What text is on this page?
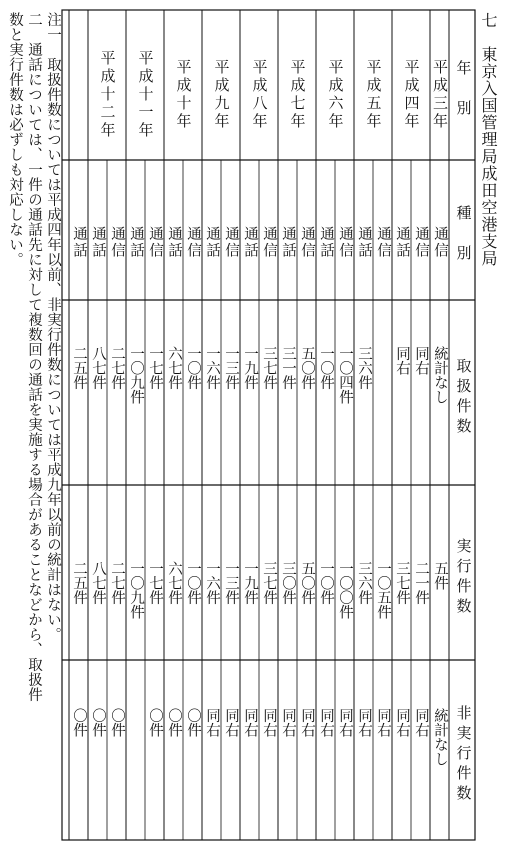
年　別
種　別
取扱件数
実行件数
非実行件数
平成三年
通信
統計なし
五件
統計なし
平成四年
通信
同右
二一件
同右
通話
同右
三七件
同右
平成五年
通信
一〇五件
同右
通話
三六件
三六件
同右
平成六年
通信
一〇四件
一〇〇件
同右
通話
一〇件
一〇件
同右
平成七年
通信
五〇件
五〇件
同右
通話
三一件
三〇件
同右
平成八年
通信
三七件
三七件
同右
通話
一九件
一九件
同右
平成九年
通信
一三件
一三件
同右
通話
一六件
一六件
同右
平成十年
通信
一〇件
一〇件
〇件
通話
六七件
六七件
〇件
平成十一年
通信
一七件
一七件
〇件
通話
一〇九件
一〇九件
平成十二年
通信
二七件
二七件
〇件
通話
八七件
八七件
〇件
通話
二五件
二五件
〇件
七　東京入国管理局成田空港支局
注一　取扱件数については平成四年以前、非実行件数については平成九年以前の統計はない。
二　通話については、一件の通話先に対して複数回の通話を実施する場合があることなどから、取扱件
数と実行件数は必ずしも対応しない。
